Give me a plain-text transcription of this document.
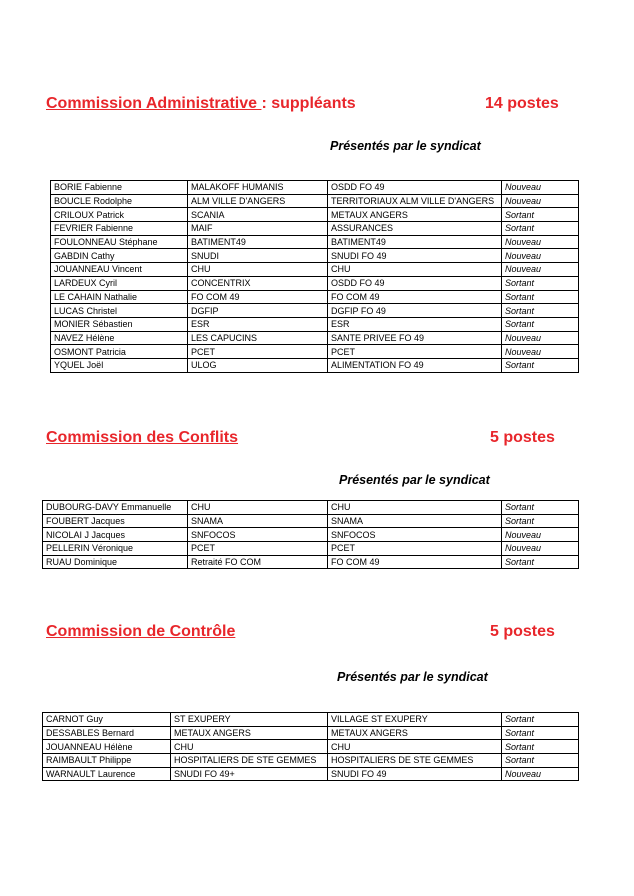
Commission Administrative : suppléants	14 postes
Présentés par le syndicat
BORIE Fabienne	MALAKOFF HUMANIS	OSDD FO 49	Nouveau
BOUCLE Rodolphe	ALM VILLE D'ANGERS	TERRITORIAUX ALM VILLE D'ANGERS	Nouveau
CRILOUX Patrick	SCANIA	METAUX ANGERS	Sortant
FEVRIER Fabienne	MAIF	ASSURANCES	Sortant
FOULONNEAU Stéphane	BATIMENT49	BATIMENT49	Nouveau
GABDIN Cathy	SNUDI	SNUDI FO 49	Nouveau
JOUANNEAU Vincent	CHU	CHU	Nouveau
LARDEUX Cyril	CONCENTRIX	OSDD FO 49	Sortant
LE CAHAIN Nathalie	FO COM 49	FO COM 49	Sortant
LUCAS Christel	DGFIP	DGFIP FO 49	Sortant
MONIER Sébastien	ESR	ESR	Sortant
NAVEZ Hélène	LES CAPUCINS	SANTE PRIVEE FO 49	Nouveau
OSMONT Patricia	PCET	PCET	Nouveau
YQUEL Joël	ULOG	ALIMENTATION FO 49	Sortant
Commission des Conflits	5 postes
Présentés par le syndicat
DUBOURG-DAVY Emmanuelle	CHU	CHU	Sortant
FOUBERT Jacques	SNAMA	SNAMA	Sortant
NICOLAI J Jacques	SNFOCOS	SNFOCOS	Nouveau
PELLERIN Véronique	PCET	PCET	Nouveau
RUAU Dominique	Retraité FO COM	FO COM 49	Sortant
Commission de Contrôle	5 postes
Présentés par le syndicat
CARNOT Guy	ST EXUPERY	VILLAGE ST EXUPERY	Sortant
DESSABLES Bernard	METAUX ANGERS	METAUX ANGERS	Sortant
JOUANNEAU Hélène	CHU	CHU	Sortant
RAIMBAULT Philippe	HOSPITALIERS DE STE GEMMES	HOSPITALIERS DE STE GEMMES	Sortant
WARNAULT Laurence	SNUDI FO 49+	SNUDI FO 49	Nouveau
